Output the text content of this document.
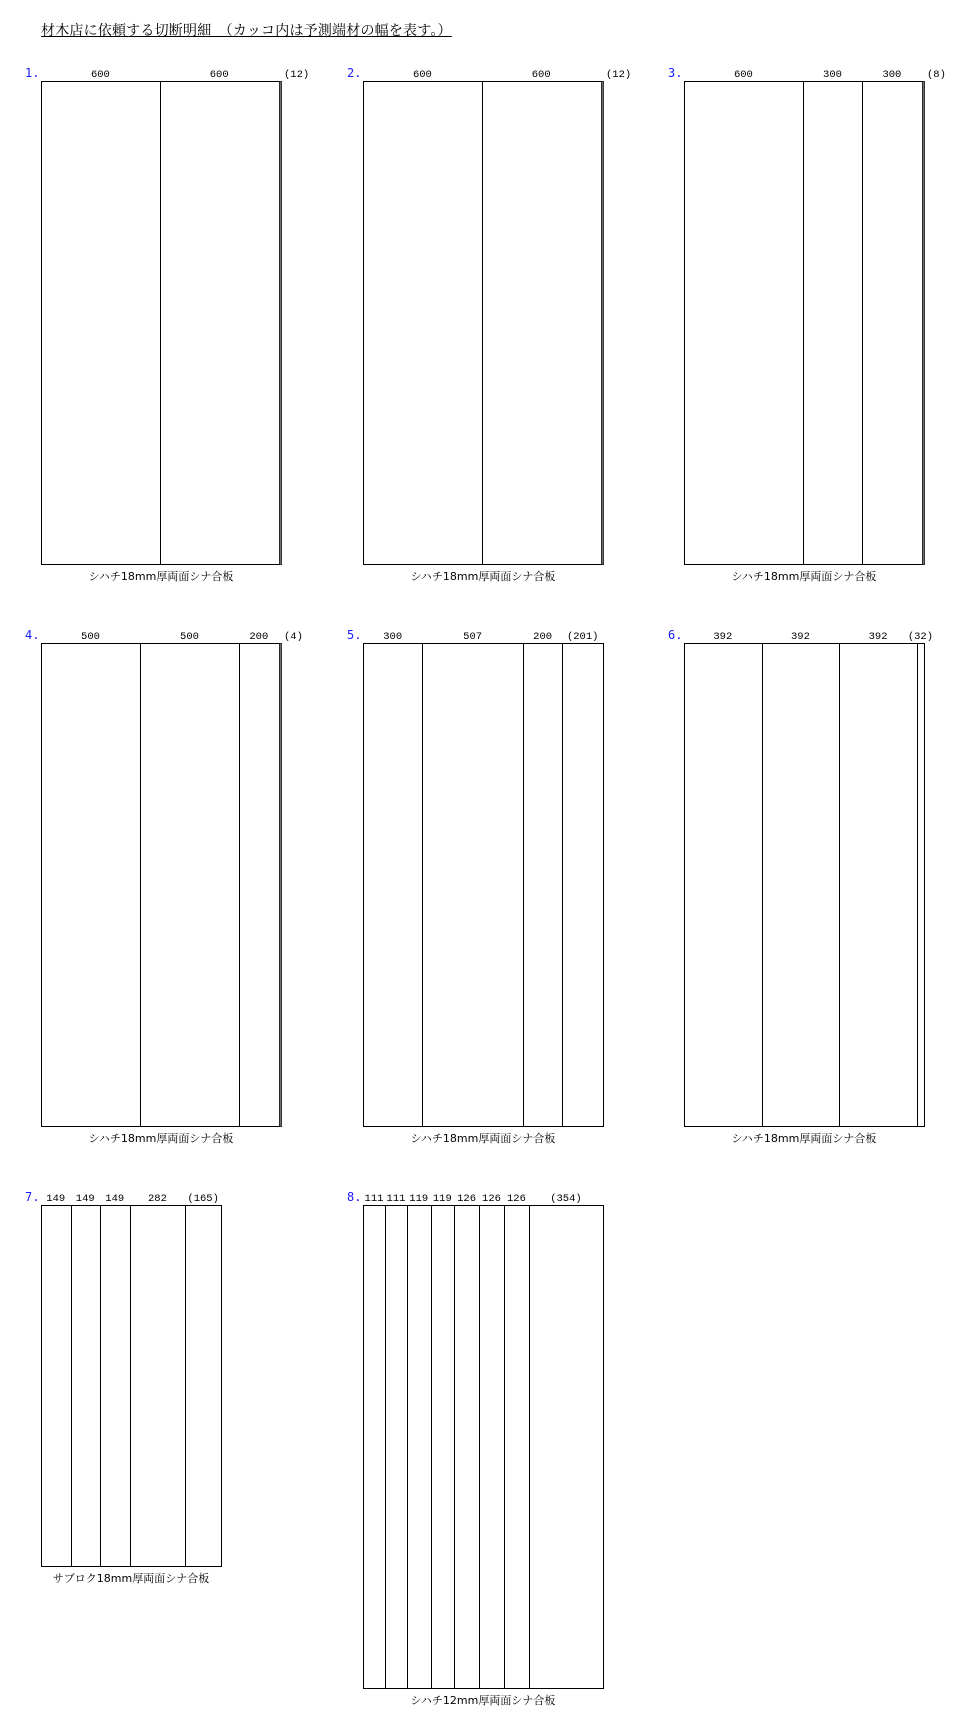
材木店に依頼する切断明細　（カッコ内は予測端材の幅を表す。）
1.	600	600	(12)
シハチ18mm厚両面シナ合板
2.	600	600	(12)
シハチ18mm厚両面シナ合板
3.	600	300	300 (8)
シハチ18mm厚両面シナ合板
4.	500	500	200 (4)
シハチ18mm厚両面シナ合板
5. 300	507	200 (201)
シハチ18mm厚両面シナ合板
6.	392	392	392 (32)
シハチ18mm厚両面シナ合板
7. 149 149 149 282 (165)
サブロク18mm厚両面シナ合板
8. 111 111 119 119 126 126 126 (354)
シハチ12mm厚両面シナ合板
